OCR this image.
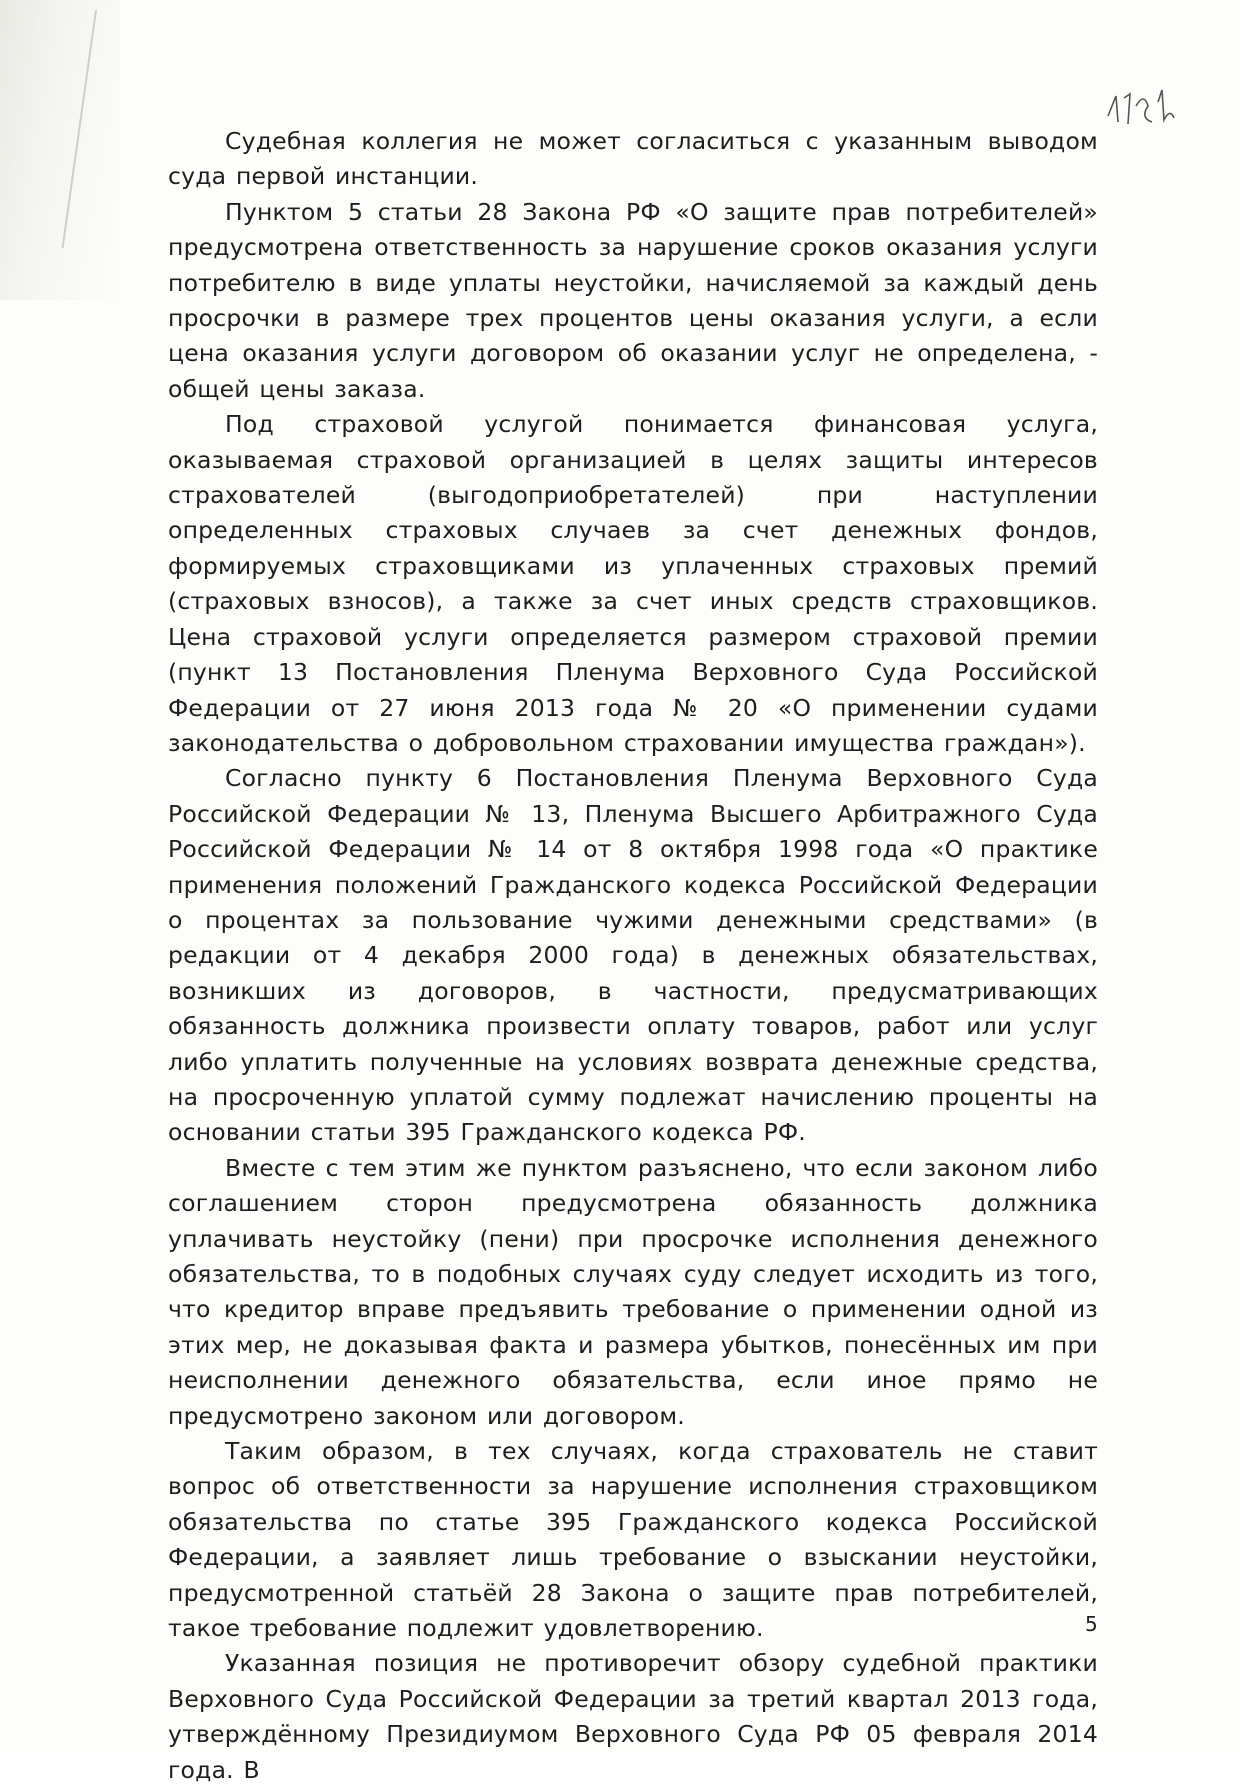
Судебная коллегия не может согласиться с указанным выводом суда первой инстанции.

Пунктом 5 статьи 28 Закона РФ «О защите прав потребителей» предусмотрена ответственность за нарушение сроков оказания услуги потребителю в виде уплаты неустойки, начисляемой за каждый день просрочки в размере трех процентов цены оказания услуги, а если цена оказания услуги договором об оказании услуг не определена, - общей цены заказа.

Под страховой услугой понимается финансовая услуга, оказываемая страховой организацией в целях защиты интересов страхователей (выгодоприобретателей) при наступлении определенных страховых случаев за счет денежных фондов, формируемых страховщиками из уплаченных страховых премий (страховых взносов), а также за счет иных средств страховщиков. Цена страховой услуги определяется размером страховой премии (пункт 13 Постановления Пленума Верховного Суда Российской Федерации от 27 июня 2013 года № 20 «О применении судами законодательства о добровольном страховании имущества граждан»).

Согласно пункту 6 Постановления Пленума Верховного Суда Российской Федерации № 13, Пленума Высшего Арбитражного Суда Российской Федерации № 14 от 8 октября 1998 года «О практике применения положений Гражданского кодекса Российской Федерации о процентах за пользование чужими денежными средствами» (в редакции от 4 декабря 2000 года) в денежных обязательствах, возникших из договоров, в частности, предусматривающих обязанность должника произвести оплату товаров, работ или услуг либо уплатить полученные на условиях возврата денежные средства, на просроченную уплатой сумму подлежат начислению проценты на основании статьи 395 Гражданского кодекса РФ.

Вместе с тем этим же пунктом разъяснено, что если законом либо соглашением сторон предусмотрена обязанность должника уплачивать неустойку (пени) при просрочке исполнения денежного обязательства, то в подобных случаях суду следует исходить из того, что кредитор вправе предъявить требование о применении одной из этих мер, не доказывая факта и размера убытков, понесённых им при неисполнении денежного обязательства, если иное прямо не предусмотрено законом или договором.

Таким образом, в тех случаях, когда страхователь не ставит вопрос об ответственности за нарушение исполнения страховщиком обязательства по статье 395 Гражданского кодекса Российской Федерации, а заявляет лишь требование о взыскании неустойки, предусмотренной статьёй 28 Закона о защите прав потребителей, такое требование подлежит удовлетворению.

Указанная позиция не противоречит обзору судебной практики Верховного Суда Российской Федерации за третий квартал 2013 года, утверждённому Президиумом Верховного Суда РФ 05 февраля 2014 года. В

5
